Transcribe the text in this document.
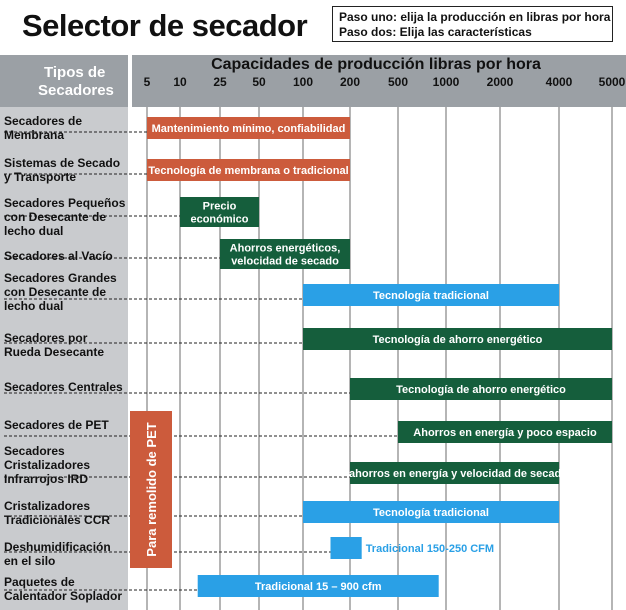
Selector de secador	Paso uno: elija la producción en libras por hora
Paso dos: Elija las características
Tipos de
Secadores
Capacidades de producción libras por hora
5 10 25 50 100 200 500 1000 2000	4000 5000
Mantenimiento mínimo, confiabilidad
Tecnología de membrana o tradicional
Precio
económico
Ahorros energéticos,
velocidad de secado
Tecnología tradicional
Tecnología de ahorro energético
Tecnología de ahorro energético
Ahorros en energía y poco espacio
Aahorros en energía y velocidad de secado
Tecnología tradicional
Tradicional 150-250 CFM
Tradicional 15 – 900 cfm
Para remolido de PET
Secadores de
Membrana
Sistemas de Secado
y Transporte
Secadores Pequeños
con Desecante de
lecho dual
Secadores al Vacío
Secadores Grandes
con Desecante de
lecho dual
Secadores por
Rueda Desecante
Secadores Centrales
Secadores de PET
Secadores
Cristalizadores
Infrarrojos IRD
Cristalizadores
Tradicionales CCR
Deshumidificación
en el silo
Paquetes de
Calentador Soplador
